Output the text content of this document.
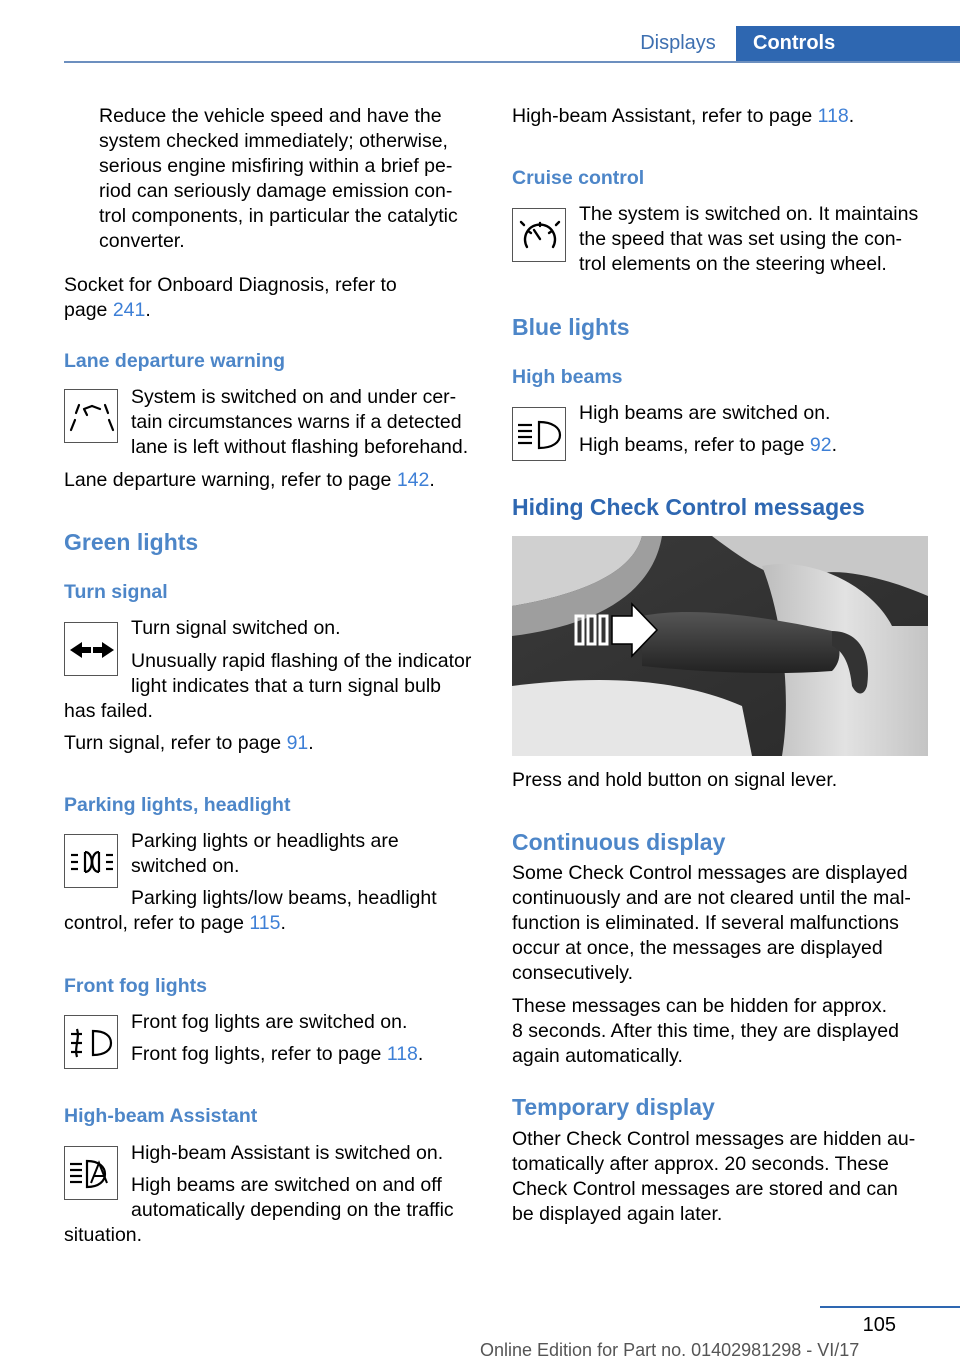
Displays	Controls
Reduce the vehicle speed and have the
system checked immediately; otherwise,
serious engine misfiring within a brief pe-
riod can seriously damage emission con-
trol components, in particular the catalytic
converter.
Socket for Onboard Diagnosis, refer to
page 241.
Lane departure warning
System is switched on and under cer-
tain circumstances warns if a detected
lane is left without flashing beforehand.
Lane departure warning, refer to page 142.
Green lights
Turn signal
Turn signal switched on.
Unusually rapid flashing of the indicator
light indicates that a turn signal bulb
has failed.
Turn signal, refer to page 91.
Parking lights, headlight
Parking lights or headlights are
switched on.
Parking lights/low beams, headlight
control, refer to page 115.
Front fog lights
Front fog lights are switched on.
Front fog lights, refer to page 118.
High-beam Assistant
High-beam Assistant is switched on.
High beams are switched on and off
automatically depending on the traffic
situation.
High-beam Assistant, refer to page 118.
Cruise control
The system is switched on. It maintains
the speed that was set using the con-
trol elements on the steering wheel.
Blue lights
High beams
High beams are switched on.
High beams, refer to page 92.
Hiding Check Control messages
Press and hold button on signal lever.
Continuous display
Some Check Control messages are displayed
continuously and are not cleared until the mal-
function is eliminated. If several malfunctions
occur at once, the messages are displayed
consecutively.
These messages can be hidden for approx.
8 seconds. After this time, they are displayed
again automatically.
Temporary display
Other Check Control messages are hidden au-
tomatically after approx. 20 seconds. These
Check Control messages are stored and can
be displayed again later.
105
Online Edition for Part no. 01402981298 - VI/17
